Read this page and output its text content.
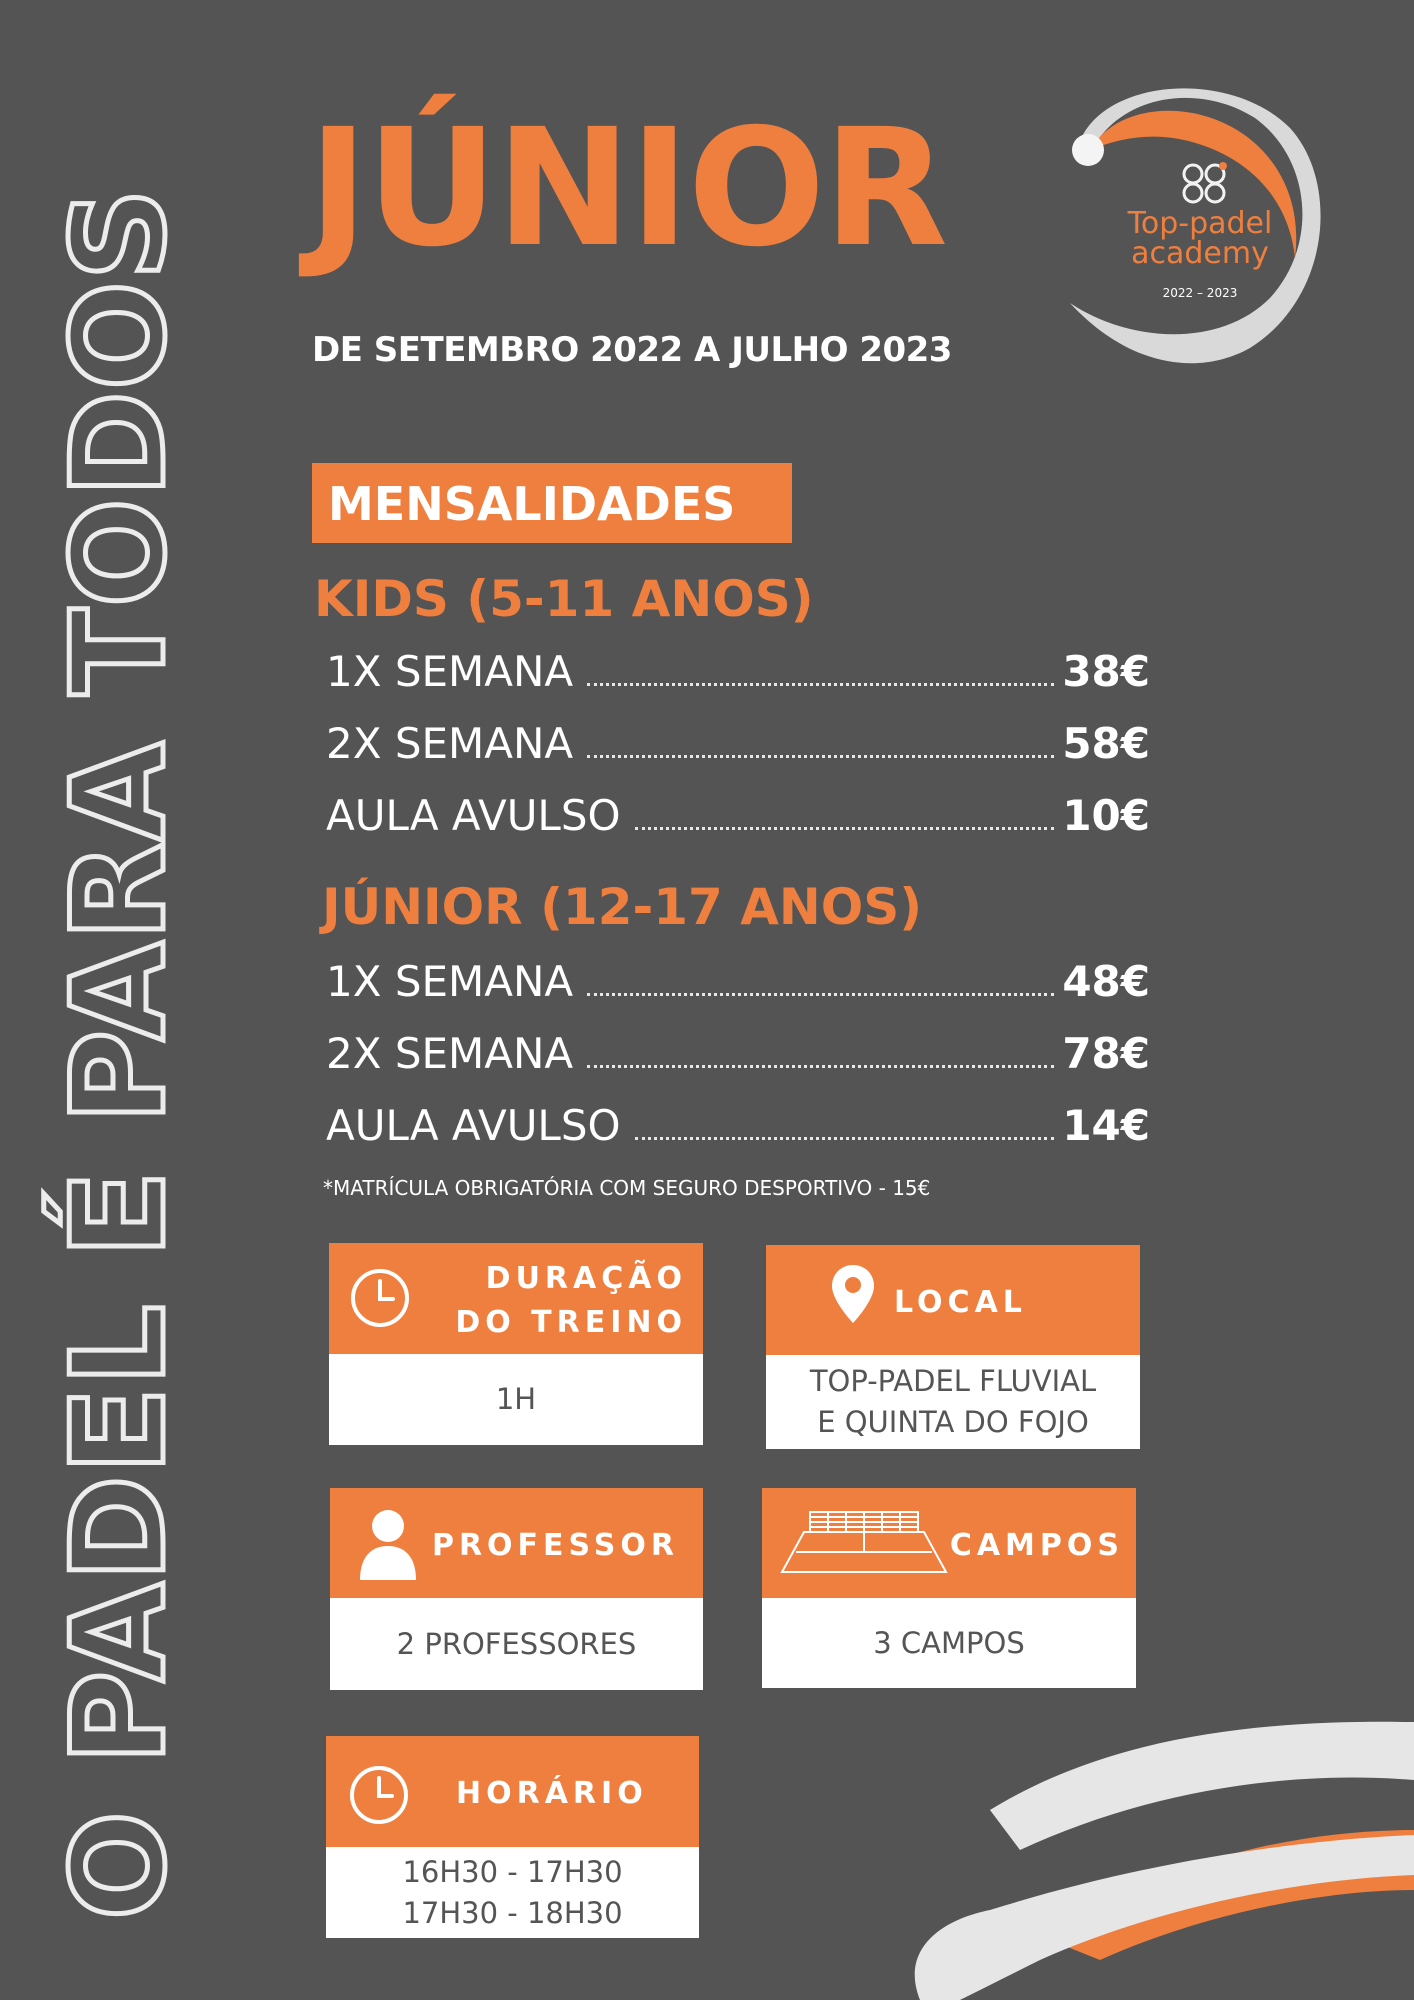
O PADEL É PARA TODOS JÚNIOR
DE SETEMBRO 2022 A JULHO 2023
Top-padel
academy
2022 – 2023
MENSALIDADES
KIDS (5-11 ANOS)
1X SEMANA	38€
2X SEMANA	58€
AULA AVULSO	10€
JÚNIOR (12-17 ANOS)
1X SEMANA	48€
2X SEMANA	78€
AULA AVULSO	14€
*MATRÍCULA OBRIGATÓRIA COM SEGURO DESPORTIVO - 15€
DURAÇÃO
DO TREINO
1H
LOCAL
TOP-PADEL FLUVIAL
E QUINTA DO FOJO
PROFESSOR
2 PROFESSORES
CAMPOS
3 CAMPOS
HORÁRIO
16H30 - 17H30
17H30 - 18H30
